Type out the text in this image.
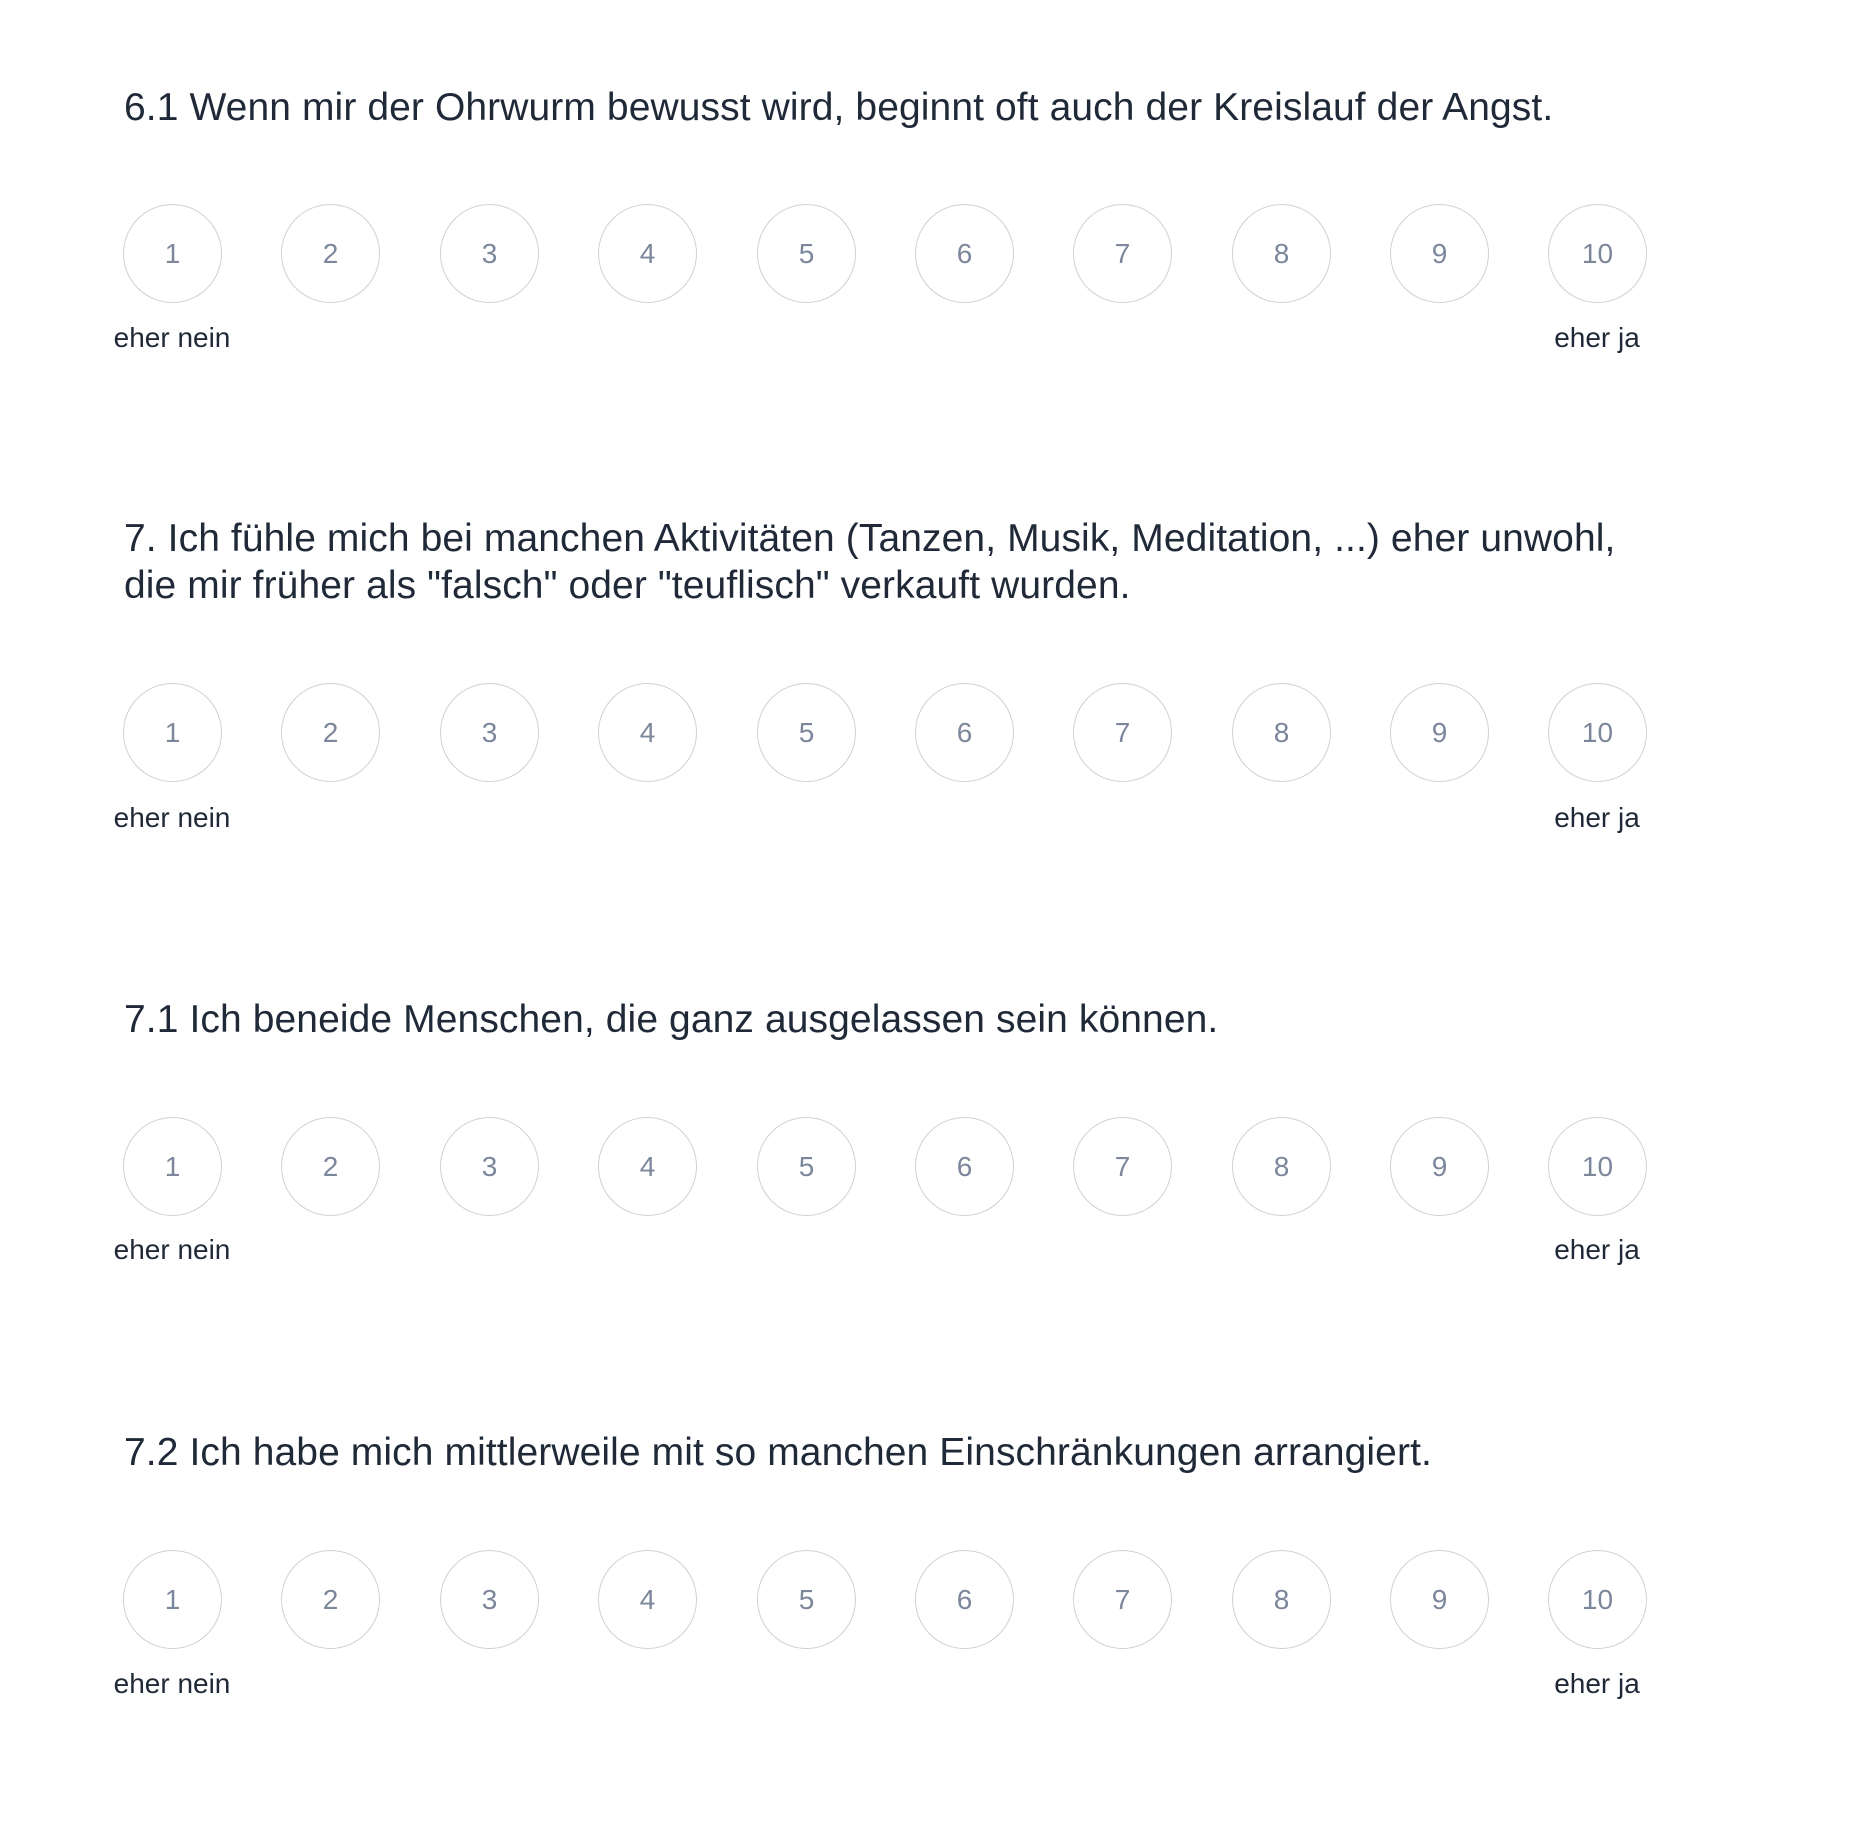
6.1 Wenn mir der Ohrwurm bewusst wird, beginnt oft auch der Kreislauf der Angst.
1	2	3	4	5	6	7	8	9	10
eher nein	eher ja
7. Ich fühle mich bei manchen Aktivitäten (Tanzen, Musik, Meditation, ...) eher unwohl, die mir früher als "falsch" oder "teuflisch" verkauft wurden.
1	2	3	4	5	6	7	8	9	10
eher nein	eher ja
7.1 Ich beneide Menschen, die ganz ausgelassen sein können.
1	2	3	4	5	6	7	8	9	10
eher nein	eher ja
7.2 Ich habe mich mittlerweile mit so manchen Einschränkungen arrangiert.
1	2	3	4	5	6	7	8	9	10
eher nein	eher ja
